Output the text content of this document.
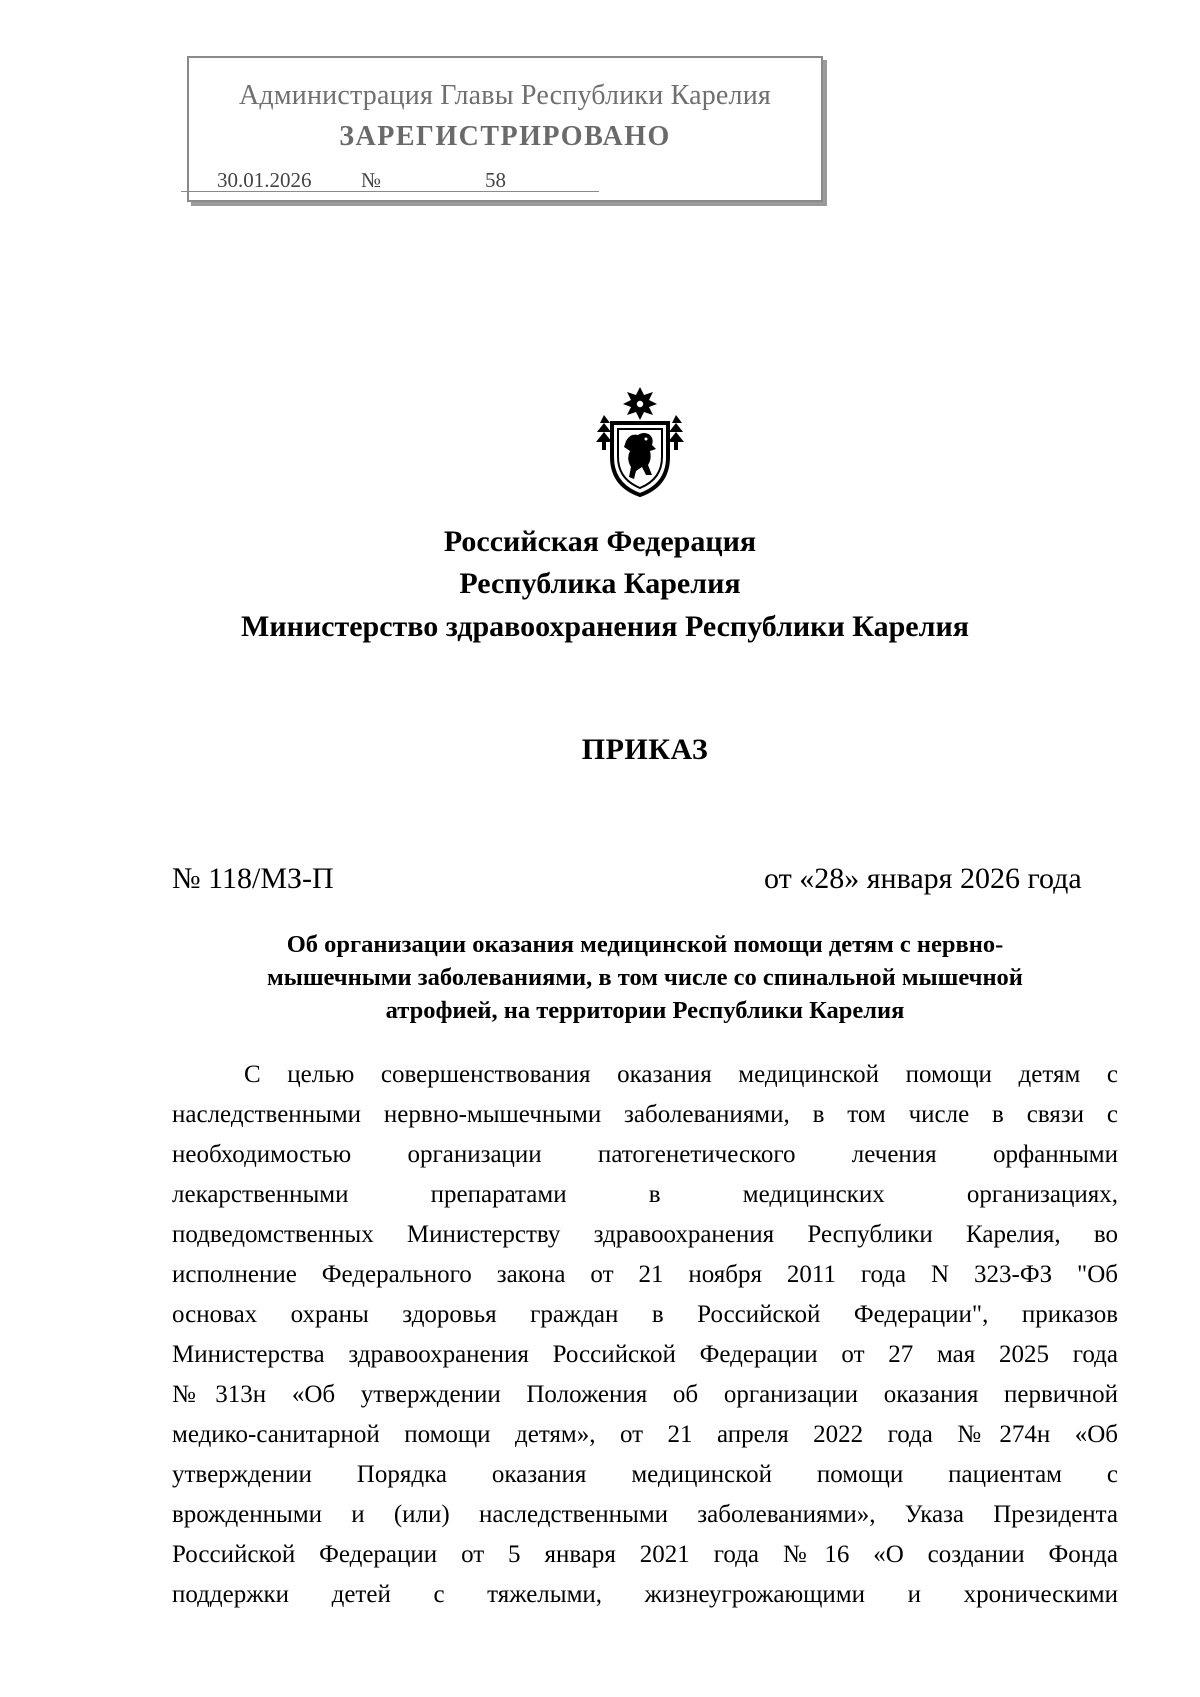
Администрация Главы Республики Карелия
ЗАРЕГИСТРИРОВАНО
30.01.2026 №	58
Российская Федерация
Республика Карелия
Министерство здравоохранения Республики Карелия
ПРИКАЗ
№ 118/МЗ-П	от «28» января 2026 года
Об организации оказания медицинской помощи детям с нервно-
мышечными заболеваниями, в том числе со спинальной мышечной
атрофией, на территории Республики Карелия
С целью совершенствования оказания медицинской помощи детям с
наследственными нервно-мышечными заболеваниями, в том числе в связи с
необходимостью организации патогенетического лечения орфанными
лекарственными препаратами в медицинских организациях,
подведомственных Министерству здравоохранения Республики Карелия, во
исполнение Федерального закона от 21 ноября 2011 года N 323-ФЗ "Об
основах охраны здоровья граждан в Российской Федерации", приказов
Министерства здравоохранения Российской Федерации от 27 мая 2025 года
№313н «Об утверждении Положения об организации оказания первичной
медико-санитарной помощи детям», от 21 апреля 2022 года №274н «Об
утверждении Порядка оказания медицинской помощи пациентам с
врожденными и (или) наследственными заболеваниями», Указа Президента
Российской Федерации от 5 января 2021 года №16 «О создании Фонда
поддержки детей с тяжелыми, жизнеугрожающими и хроническими
